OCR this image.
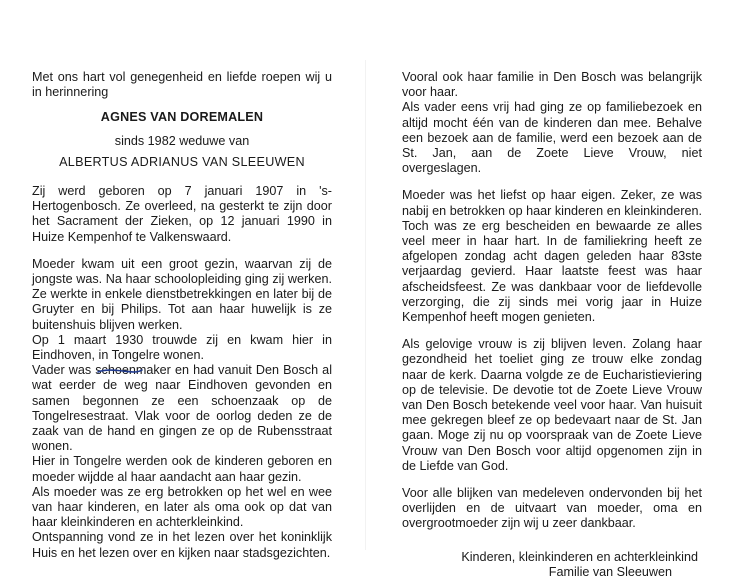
Met ons hart vol genegenheid en liefde roepen wij u in herinnering

AGNES VAN DOREMALEN

sinds 1982 weduwe van

ALBERTUS ADRIANUS VAN SLEEUWEN

Zij werd geboren op 7 januari 1907 in 's-Hertogenbosch. Ze overleed, na gesterkt te zijn door het Sacrament der Zieken, op 12 januari 1990 in Huize Kempenhof te Valkenswaard.

Moeder kwam uit een groot gezin, waarvan zij de jongste was. Na haar schoolopleiding ging zij werken. Ze werkte in enkele dienstbetrekkingen en later bij de Gruyter en bij Philips. Tot aan haar huwelijk is ze buitenshuis blijven werken.

Op 1 maart 1930 trouwde zij en kwam hier in Eindhoven, in Tongelre wonen.

Vader was schoenmaker en had vanuit Den Bosch al wat eerder de weg naar Eindhoven gevonden en samen begonnen ze een schoenzaak op de Tongelresestraat. Vlak voor de oorlog deden ze de zaak van de hand en gingen ze op de Rubensstraat wonen.

Hier in Tongelre werden ook de kinderen geboren en moeder wijdde al haar aandacht aan haar gezin.

Als moeder was ze erg betrokken op het wel en wee van haar kinderen, en later als oma ook op dat van haar kleinkinderen en achterkleinkind.

Ontspanning vond ze in het lezen over het koninklijk Huis en het lezen over en kijken naar stadsgezichten.

Vooral ook haar familie in Den Bosch was belangrijk voor haar.

Als vader eens vrij had ging ze op familiebezoek en altijd mocht één van de kinderen dan mee. Behalve een bezoek aan de familie, werd een bezoek aan de St. Jan, aan de Zoete Lieve Vrouw, niet overgeslagen.

Moeder was het liefst op haar eigen. Zeker, ze was nabij en betrokken op haar kinderen en kleinkinderen. Toch was ze erg bescheiden en bewaarde ze alles veel meer in haar hart. In de familiekring heeft ze afgelopen zondag acht dagen geleden haar 83ste verjaardag gevierd. Haar laatste feest was haar afscheidsfeest. Ze was dankbaar voor de liefdevolle verzorging, die zij sinds mei vorig jaar in Huize Kempenhof heeft mogen genieten.

Als gelovige vrouw is zij blijven leven. Zolang haar gezondheid het toeliet ging ze trouw elke zondag naar de kerk. Daarna volgde ze de Eucharistieviering op de televisie. De devotie tot de Zoete Lieve Vrouw van Den Bosch betekende veel voor haar. Van huisuit mee gekregen bleef ze op bedevaart naar de St. Jan gaan. Moge zij nu op voorspraak van de Zoete Lieve Vrouw van Den Bosch voor altijd opgenomen zijn in de Liefde van God.

Voor alle blijken van medeleven ondervonden bij het overlijden en de uitvaart van moeder, oma en overgrootmoeder zijn wij u zeer dankbaar.

Kinderen, kleinkinderen en achterkleinkind

Familie van Sleeuwen
